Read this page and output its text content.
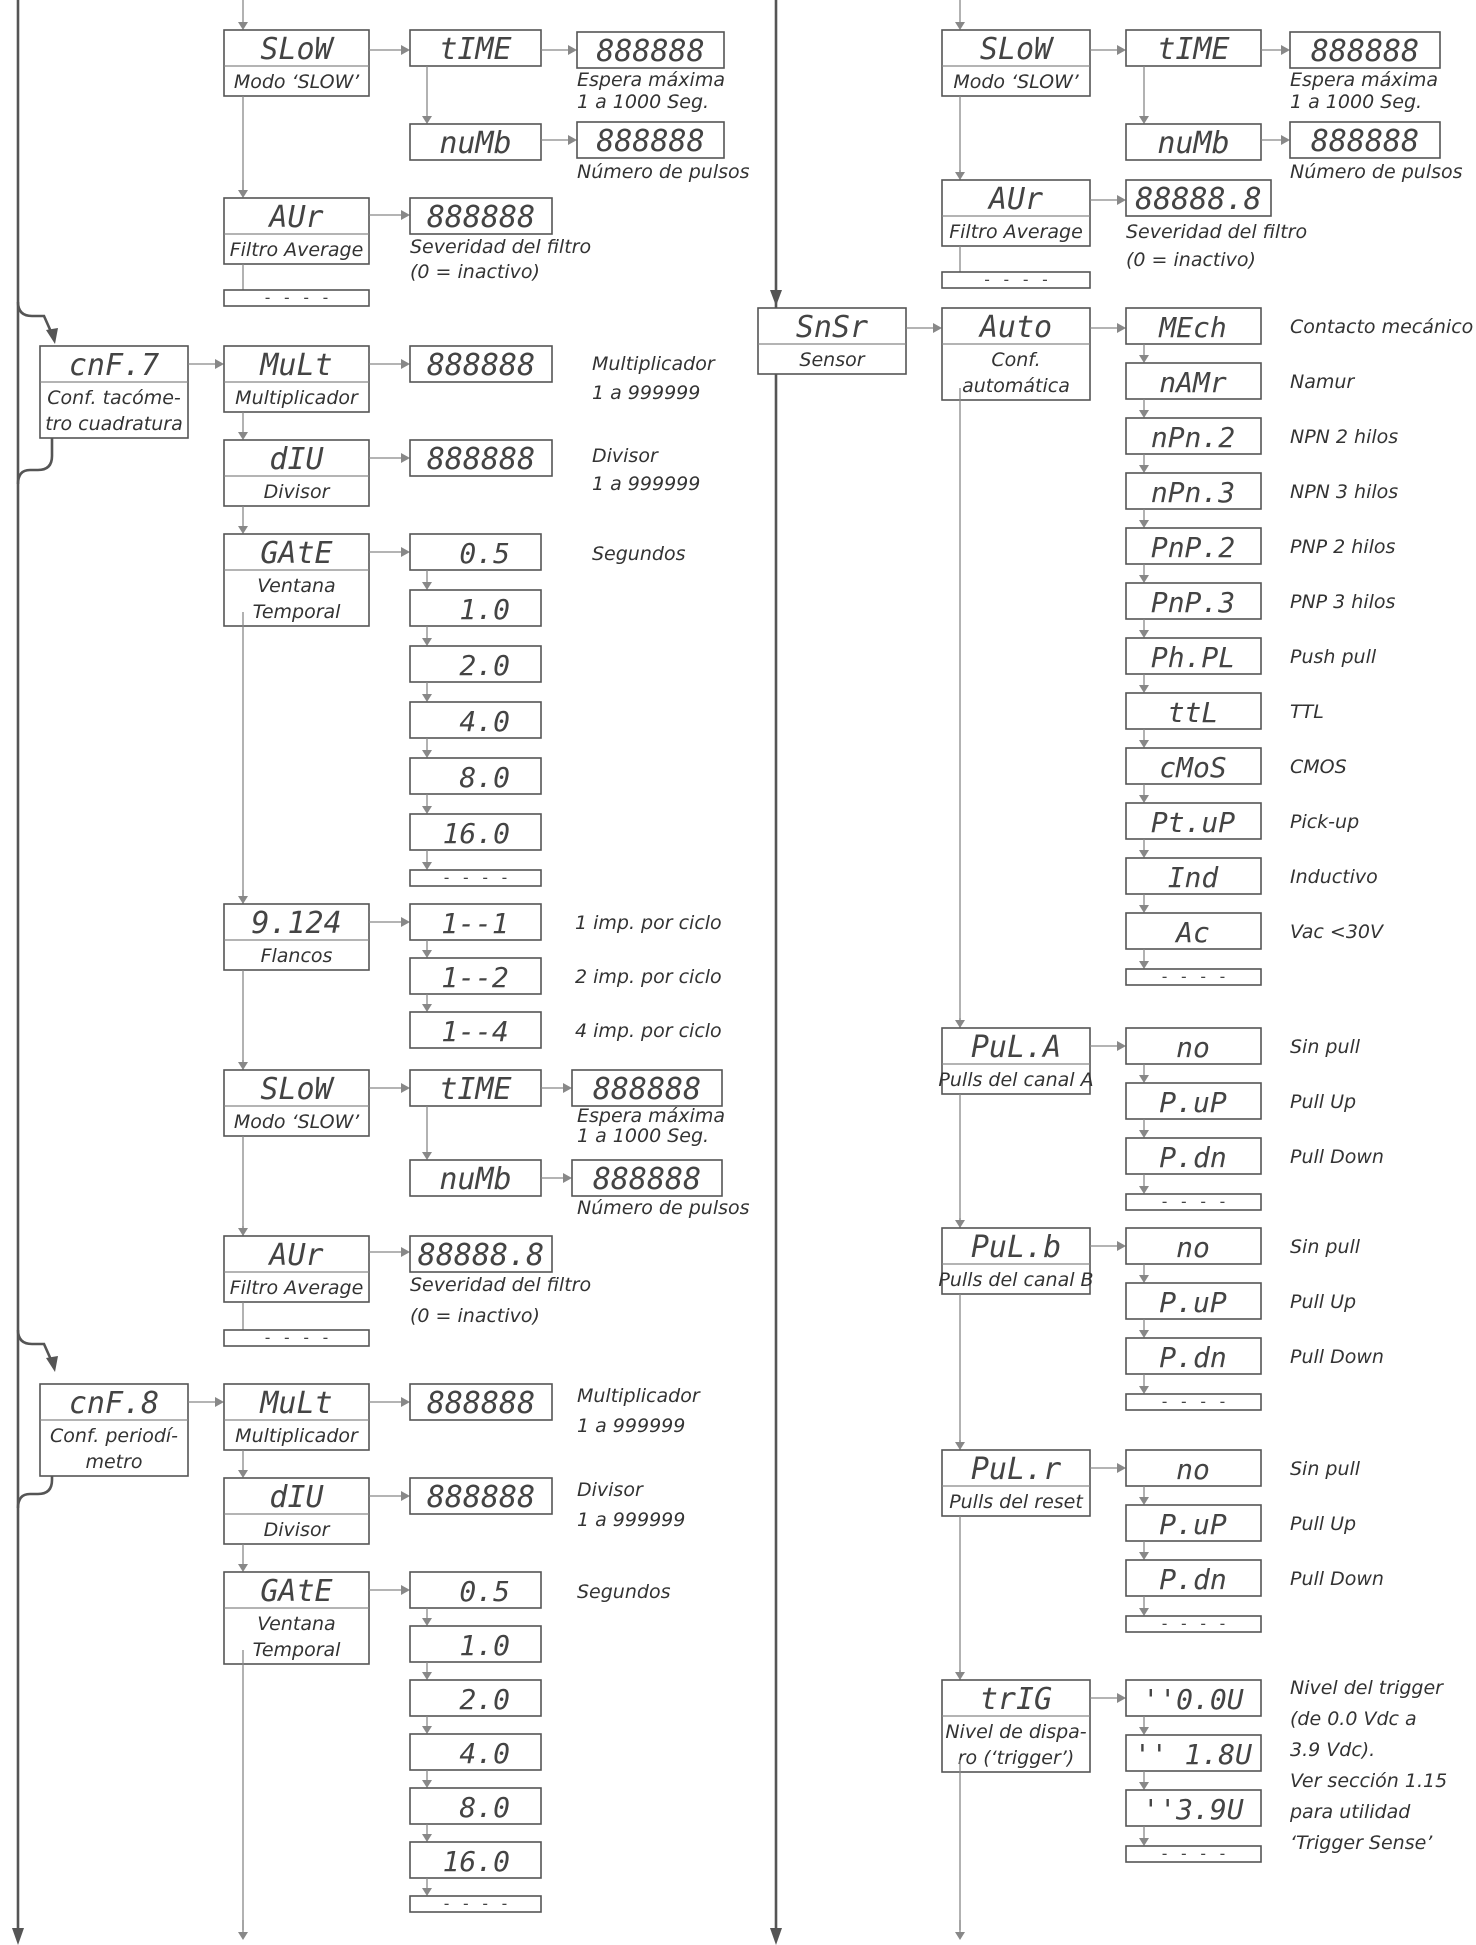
SLoW
Modo ‘SLOW’
tIME	888888
Espera máxima
1 a 1000 Seg.
nuMb	888888
Número de pulsos
AUr
Filtro Average
888888
Severidad del filtro
(0 = inactivo)
- - - -
cnF.7
Conf. tacóme-
tro cuadratura
MuLt
Multiplicador
888888	Multiplicador
1 a 999999
dIU
Divisor
888888	Divisor
1 a 999999
GAtE
Ventana
Temporal
Segundos
0.5
1.0
2.0
4.0
8.0
16.0
- - - -
9.124
Flancos
1--1	1 imp. por ciclo
1--2	2 imp. por ciclo
1--4	4 imp. por ciclo
SLoW
Modo ‘SLOW’
tIME	888888
Espera máxima
1 a 1000 Seg.
nuMb	888888
Número de pulsos
AUr
Filtro Average
88888.8
Severidad del filtro
(0 = inactivo)
- - - -
cnF.8
Conf. periodí-
metro
MuLt
Multiplicador
888888 Multiplicador
1 a 999999
dIU
Divisor
888888 Divisor
1 a 999999
GAtE
Ventana
Temporal
Segundos
0.5
1.0
2.0
4.0
8.0
16.0
- - - -
SLoW
Modo ‘SLOW’
tIME	888888
Espera máxima
1 a 1000 Seg.
nuMb	888888
Número de pulsos
AUr
Filtro Average
88888.8
Severidad del filtro
(0 = inactivo)
- - - -
SnSr
Sensor
Auto
Conf.
automática
MEch	Contacto mecánico
nAMr	Namur
nPn.2	NPN 2 hilos
nPn.3	NPN 3 hilos
PnP.2	PNP 2 hilos
PnP.3	PNP 3 hilos
Ph.PL	Push pull
ttL	TTL
cMoS	CMOS
Pt.uP	Pick-up
Ind	Inductivo
Ac	Vac <30V
- - - -
PuL.A
Pulls del canal A
no	Sin pull
P.uP	Pull Up
P.dn	Pull Down
- - - -
PuL.b
Pulls del canal B
no	Sin pull
P.uP	Pull Up
P.dn	Pull Down
- - - -
PuL.r
Pulls del reset
no	Sin pull
P.uP	Pull Up
P.dn	Pull Down
- - - -
trIG
Nivel de dispa-
ro (‘trigger’)
''0.0U
'' 1.8U
''3.9U
- - - -
Nivel del trigger
(de 0.0 Vdc a
3.9 Vdc).
Ver sección 1.15
para utilidad
‘Trigger Sense’
